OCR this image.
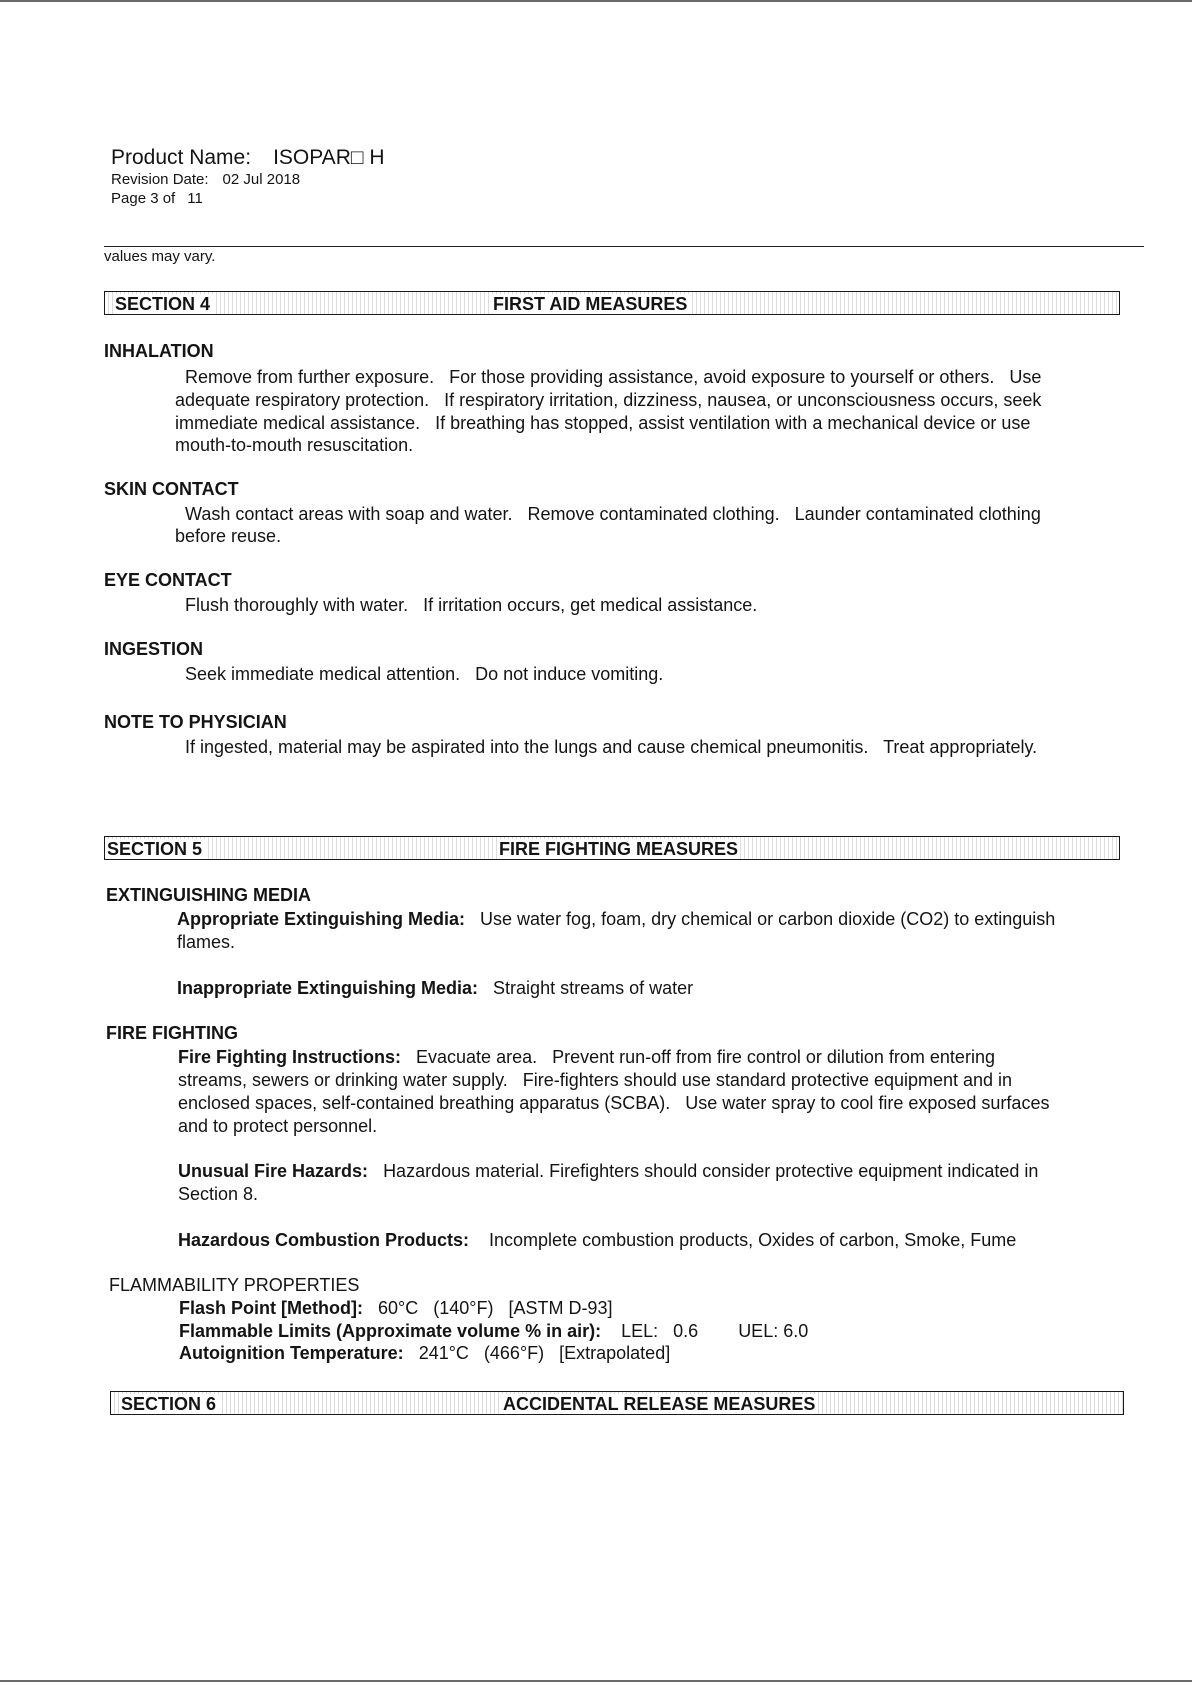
Product Name: ISOPAR□ H
Revision Date: 02 Jul 2018
Page 3 of 11
values may vary.
SECTION 4	FIRST AID MEASURES
INHALATION
Remove from further exposure.   For those providing assistance, avoid exposure to yourself or others.   Use
adequate respiratory protection.   If respiratory irritation, dizziness, nausea, or unconsciousness occurs, seek
immediate medical assistance.   If breathing has stopped, assist ventilation with a mechanical device or use
mouth-to-mouth resuscitation.
SKIN CONTACT
Wash contact areas with soap and water.   Remove contaminated clothing.   Launder contaminated clothing
before reuse.
EYE CONTACT
Flush thoroughly with water.   If irritation occurs, get medical assistance.
INGESTION
Seek immediate medical attention.   Do not induce vomiting.
NOTE TO PHYSICIAN
If ingested, material may be aspirated into the lungs and cause chemical pneumonitis.   Treat appropriately.
SECTION 5	FIRE FIGHTING MEASURES
EXTINGUISHING MEDIA
Appropriate Extinguishing Media: Use water fog, foam, dry chemical or carbon dioxide (CO2) to extinguish
flames.
Inappropriate Extinguishing Media: Straight streams of water
FIRE FIGHTING
Fire Fighting Instructions: Evacuate area.   Prevent run-off from fire control or dilution from entering
streams, sewers or drinking water supply.   Fire-fighters should use standard protective equipment and in
enclosed spaces, self-contained breathing apparatus (SCBA).   Use water spray to cool fire exposed surfaces
and to protect personnel.
Unusual Fire Hazards: Hazardous material. Firefighters should consider protective equipment indicated in
Section 8.
Hazardous Combustion Products: Incomplete combustion products, Oxides of carbon, Smoke, Fume
FLAMMABILITY PROPERTIES
Flash Point [Method]: 60°C   (140°F)   [ASTM D-93]
Flammable Limits (Approximate volume % in air): LEL:   0.6 UEL: 6.0
Autoignition Temperature: 241°C   (466°F)   [Extrapolated]
SECTION 6	ACCIDENTAL RELEASE MEASURES
